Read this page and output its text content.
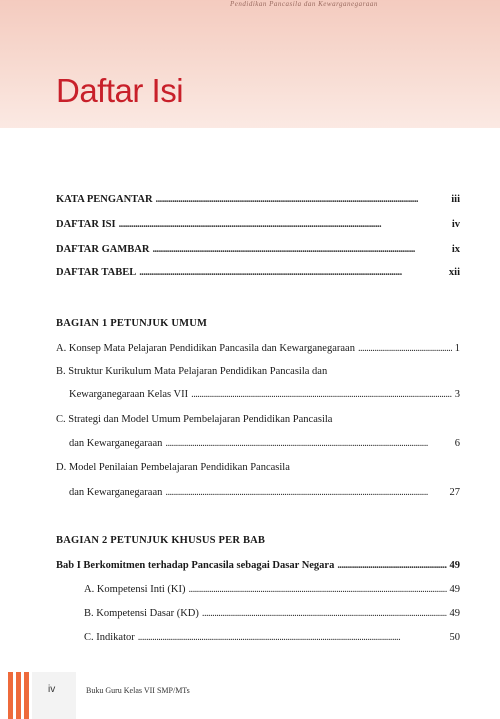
Pendidikan Pancasila dan Kewarganegaraan
Daftar Isi
KATA PENGANTAR . . .	iii
DAFTAR ISI . . .	iv
DAFTAR GAMBAR . . .	ix
DAFTAR TABEL . . .	xii
BAGIAN 1 PETUNJUK UMUM
A. Konsep Mata Pelajaran Pendidikan Pancasila dan Kewarganegaraan . . .	1
B. Struktur Kurikulum Mata Pelajaran Pendidikan Pancasila dan
Kewarganegaraan Kelas VII . . .	3
C. Strategi dan Model Umum Pembelajaran Pendidikan Pancasila
dan Kewarganegaraan . . .	6
D. Model Penilaian Pembelajaran Pendidikan Pancasila
dan Kewarganegaraan . . .	27
BAGIAN 2 PETUNJUK KHUSUS PER BAB
Bab I Berkomitmen terhadap Pancasila sebagai Dasar Negara . . .	49
A. Kompetensi Inti (KI) . . .	49
B. Kompetensi Dasar (KD) . . .	49
C. Indikator . . .	50
iv	Buku Guru Kelas VII SMP/MTs
